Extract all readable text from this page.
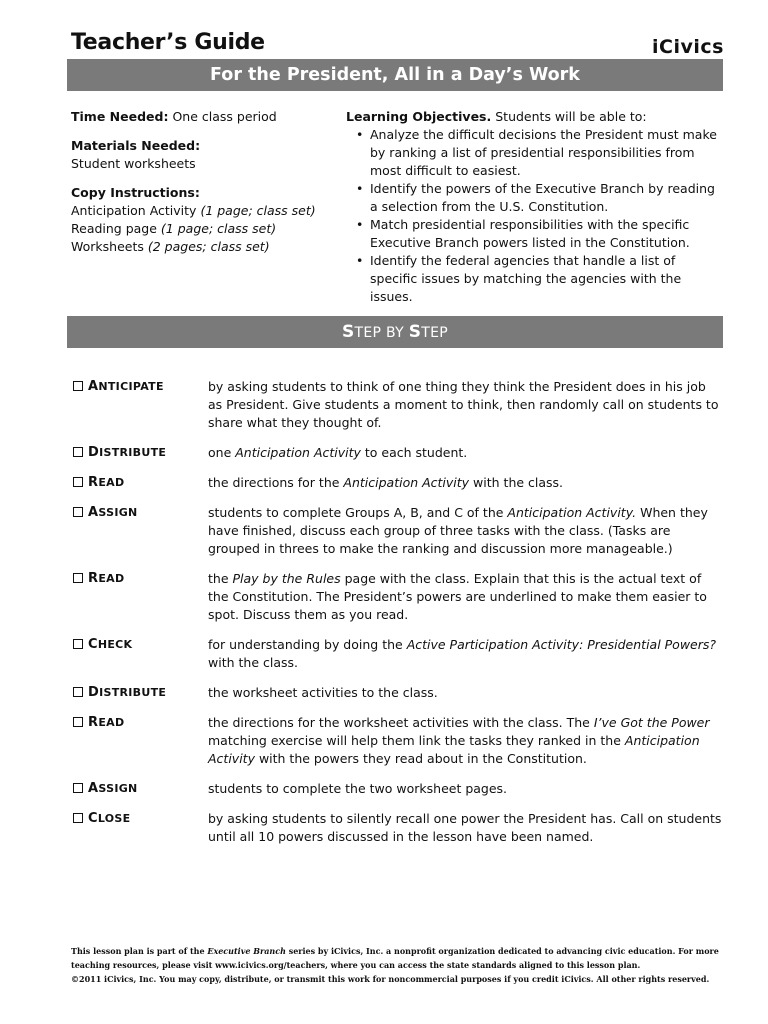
Teacher’s Guide	iCivics
For the President, All in a Day’s Work

Time Needed: One class period

Materials Needed:

Student worksheets

Copy Instructions:

Anticipation Activity (1 page; class set)

Reading page (1 page; class set)

Worksheets (2 pages; class set)

Learning Objectives. Students will be able to:
• Analyze the difficult decisions the President must make by ranking a list of presidential responsibilities from most difficult to easiest.
• Identify the powers of the Executive Branch by reading a selection from the U.S. Constitution.
• Match presidential responsibilities with the specific Executive Branch powers listed in the Constitution.
• Identify the federal agencies that handle a list of specific issues by matching the agencies with the issues.
STEP BY STEP
ANTICIPATE	by asking students to think of one thing they think the President does in his job as President. Give students a moment to think, then randomly call on students to share what they thought of.
DISTRIBUTE	one Anticipation Activity to each student.
READ	the directions for the Anticipation Activity with the class.
ASSIGN	students to complete Groups A, B, and C of the Anticipation Activity. When they have finished, discuss each group of three tasks with the class. (Tasks are grouped in threes to make the ranking and discussion more manageable.)
READ	the Play by the Rules page with the class. Explain that this is the actual text of the Constitution. The President’s powers are underlined to make them easier to spot. Discuss them as you read.
CHECK	for understanding by doing the Active Participation Activity: Presidential Powers? with the class.
DISTRIBUTE	the worksheet activities to the class.
READ	the directions for the worksheet activities with the class. The I’ve Got the Power matching exercise will help them link the tasks they ranked in the Anticipation Activity with the powers they read about in the Constitution.
ASSIGN	students to complete the two worksheet pages.
CLOSE	by asking students to silently recall one power the President has. Call on students until all 10 powers discussed in the lesson have been named.
This lesson plan is part of the Executive Branch series by iCivics, Inc. a nonprofit organization dedicated to advancing civic education. For more teaching resources, please visit www.icivics.org/teachers, where you can access the state standards aligned to this lesson plan.
©2011 iCivics, Inc. You may copy, distribute, or transmit this work for noncommercial purposes if you credit iCivics. All other rights reserved.
